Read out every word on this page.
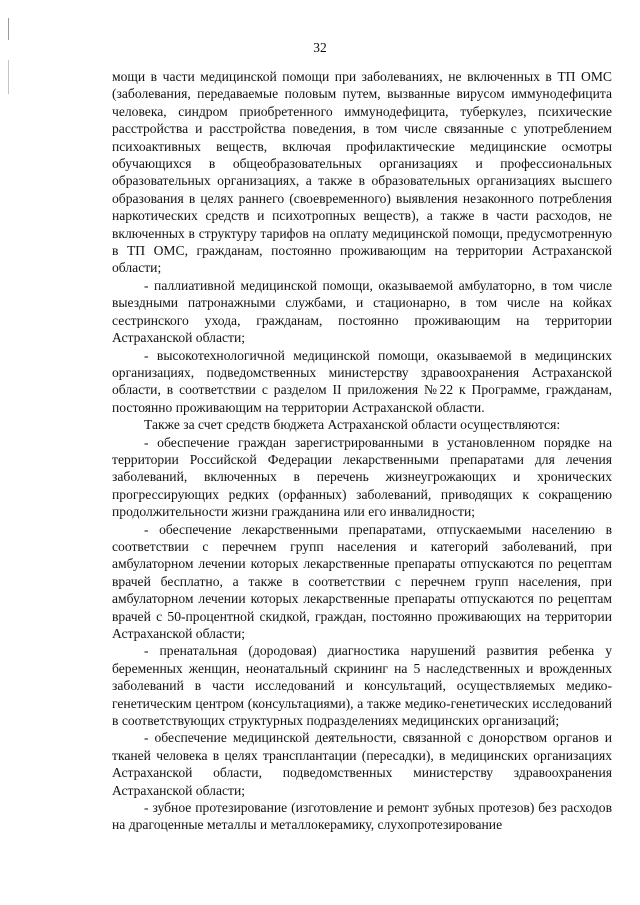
32

мощи в части медицинской помощи при заболеваниях, не включенных в ТП ОМС (заболевания, передаваемые половым путем, вызванные вирусом иммунодефицита человека, синдром приобретенного иммунодефицита, туберкулез, психические расстройства и расстройства поведения, в том числе связанные с употреблением психоактивных веществ, включая профилактические медицинские осмотры обучающихся в общеобразовательных организациях и профессиональных образовательных организациях, а также в образовательных организациях высшего образования в целях раннего (своевременного) выявления незаконного потребления наркотических средств и психотропных веществ), а также в части расходов, не включенных в структуру тарифов на оплату медицинской помощи, предусмотренную в ТП ОМС, гражданам, постоянно проживающим на территории Астраханской области;

- паллиативной медицинской помощи, оказываемой амбулаторно, в том числе выездными патронажными службами, и стационарно, в том числе на койках сестринского ухода, гражданам, постоянно проживающим на территории Астраханской области;

- высокотехнологичной медицинской помощи, оказываемой в медицинских организациях, подведомственных министерству здравоохранения Астраханской области, в соответствии с разделом II приложения №22 к Программе, гражданам, постоянно проживающим на территории Астраханской области.

Также за счет средств бюджета Астраханской области осуществляются:

- обеспечение граждан зарегистрированными в установленном порядке на территории Российской Федерации лекарственными препаратами для лечения заболеваний, включенных в перечень жизнеугрожающих и хронических прогрессирующих редких (орфанных) заболеваний, приводящих к сокращению продолжительности жизни гражданина или его инвалидности;

- обеспечение лекарственными препаратами, отпускаемыми населению в соответствии с перечнем групп населения и категорий заболеваний, при амбулаторном лечении которых лекарственные препараты отпускаются по рецептам врачей бесплатно, а также в соответствии с перечнем групп населения, при амбулаторном лечении которых лекарственные препараты отпускаются по рецептам врачей с 50-процентной скидкой, граждан, постоянно проживающих на территории Астраханской области;

- пренатальная (дородовая) диагностика нарушений развития ребенка у беременных женщин, неонатальный скрининг на 5 наследственных и врожденных заболеваний в части исследований и консультаций, осуществляемых медико-генетическим центром (консультациями), а также медико-генетических исследований в соответствующих структурных подразделениях медицинских организаций;

- обеспечение медицинской деятельности, связанной с донорством органов и тканей человека в целях трансплантации (пересадки), в медицинских организациях Астраханской области, подведомственных министерству здравоохранения Астраханской области;

- зубное протезирование (изготовление и ремонт зубных протезов) без расходов на драгоценные металлы и металлокерамику, слухопротезирование
